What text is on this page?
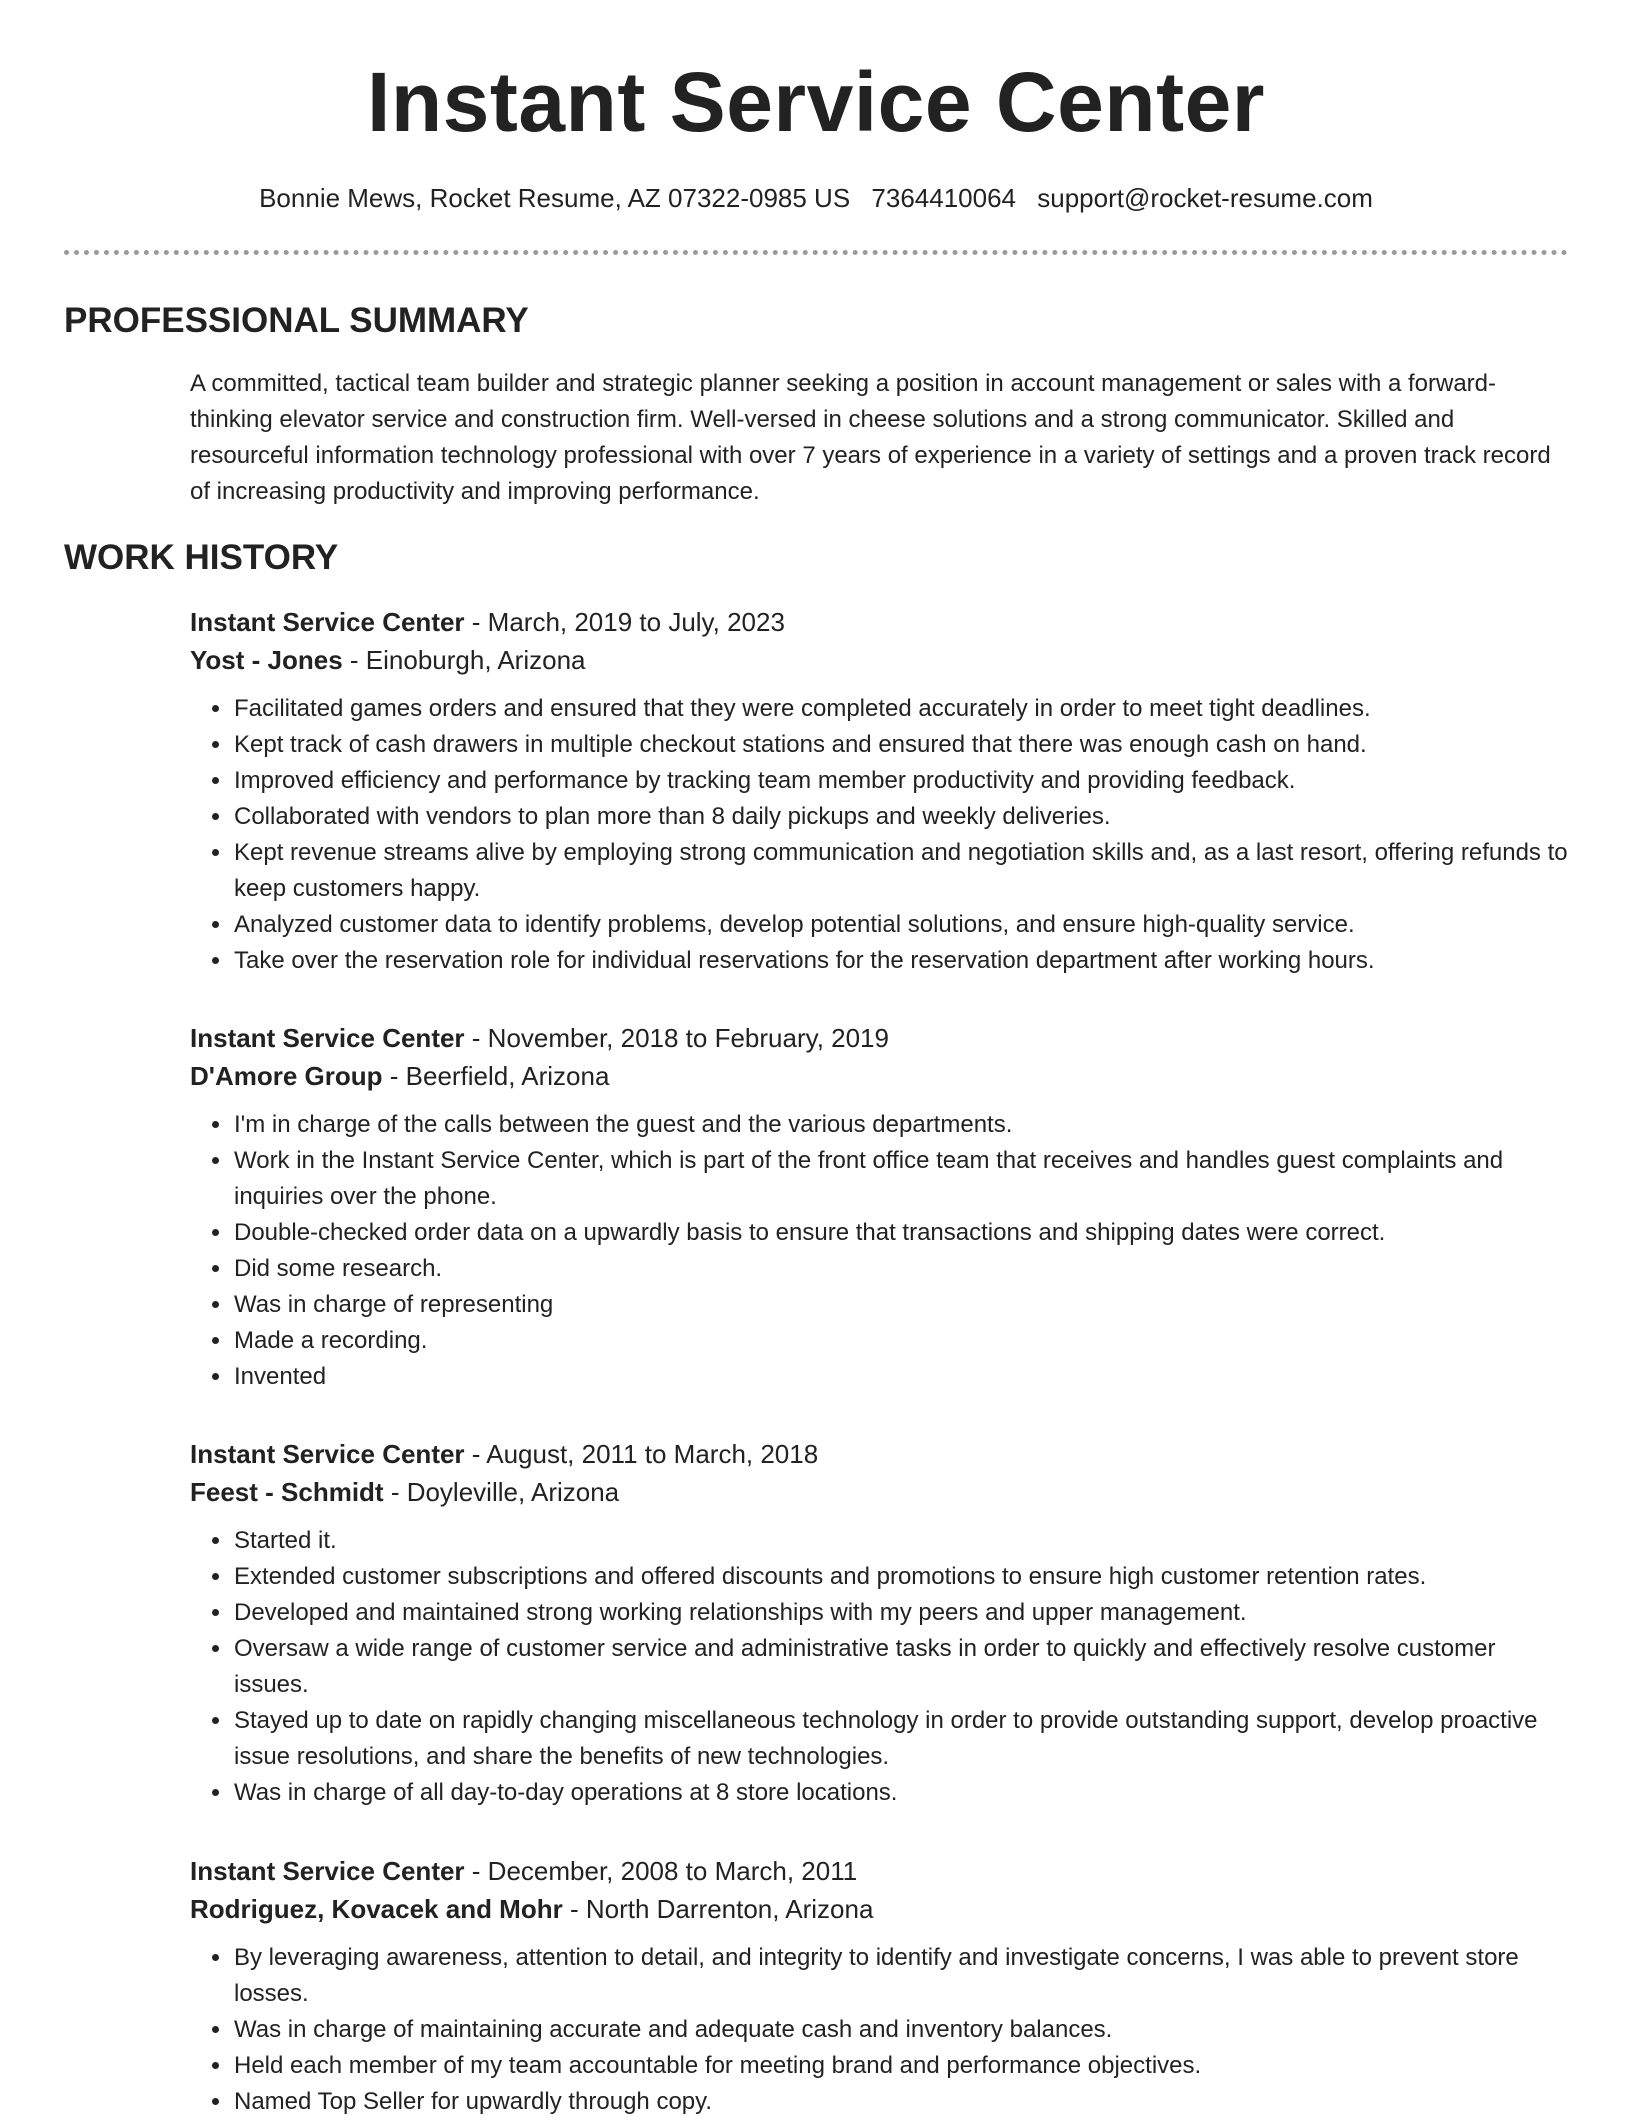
Instant Service Center
Bonnie Mews, Rocket Resume, AZ 07322-0985 US 7364410064 support@rocket-resume.com
PROFESSIONAL SUMMARY
A committed, tactical team builder and strategic planner seeking a position in account management or sales with a forward-thinking elevator service and construction firm. Well-versed in cheese solutions and a strong communicator. Skilled and resourceful information technology professional with over 7 years of experience in a variety of settings and a proven track record of increasing productivity and improving performance.
WORK HISTORY
Instant Service Center - March, 2019 to July, 2023
Yost - Jones - Einoburgh, Arizona
• Facilitated games orders and ensured that they were completed accurately in order to meet tight deadlines.
• Kept track of cash drawers in multiple checkout stations and ensured that there was enough cash on hand.
• Improved efficiency and performance by tracking team member productivity and providing feedback.
• Collaborated with vendors to plan more than 8 daily pickups and weekly deliveries.
• Kept revenue streams alive by employing strong communication and negotiation skills and, as a last resort, offering refunds to keep customers happy.
• Analyzed customer data to identify problems, develop potential solutions, and ensure high-quality service.
• Take over the reservation role for individual reservations for the reservation department after working hours.
Instant Service Center - November, 2018 to February, 2019
D'Amore Group - Beerfield, Arizona
• I'm in charge of the calls between the guest and the various departments.
• Work in the Instant Service Center, which is part of the front office team that receives and handles guest complaints and inquiries over the phone.
• Double-checked order data on a upwardly basis to ensure that transactions and shipping dates were correct.
• Did some research.
• Was in charge of representing
• Made a recording.
• Invented
Instant Service Center - August, 2011 to March, 2018
Feest - Schmidt - Doyleville, Arizona
• Started it.
• Extended customer subscriptions and offered discounts and promotions to ensure high customer retention rates.
• Developed and maintained strong working relationships with my peers and upper management.
• Oversaw a wide range of customer service and administrative tasks in order to quickly and effectively resolve customer issues.
• Stayed up to date on rapidly changing miscellaneous technology in order to provide outstanding support, develop proactive issue resolutions, and share the benefits of new technologies.
• Was in charge of all day-to-day operations at 8 store locations.
Instant Service Center - December, 2008 to March, 2011
Rodriguez, Kovacek and Mohr - North Darrenton, Arizona
• By leveraging awareness, attention to detail, and integrity to identify and investigate concerns, I was able to prevent store losses.
• Was in charge of maintaining accurate and adequate cash and inventory balances.
• Held each member of my team accountable for meeting brand and performance objectives.
• Named Top Seller for upwardly through copy.
